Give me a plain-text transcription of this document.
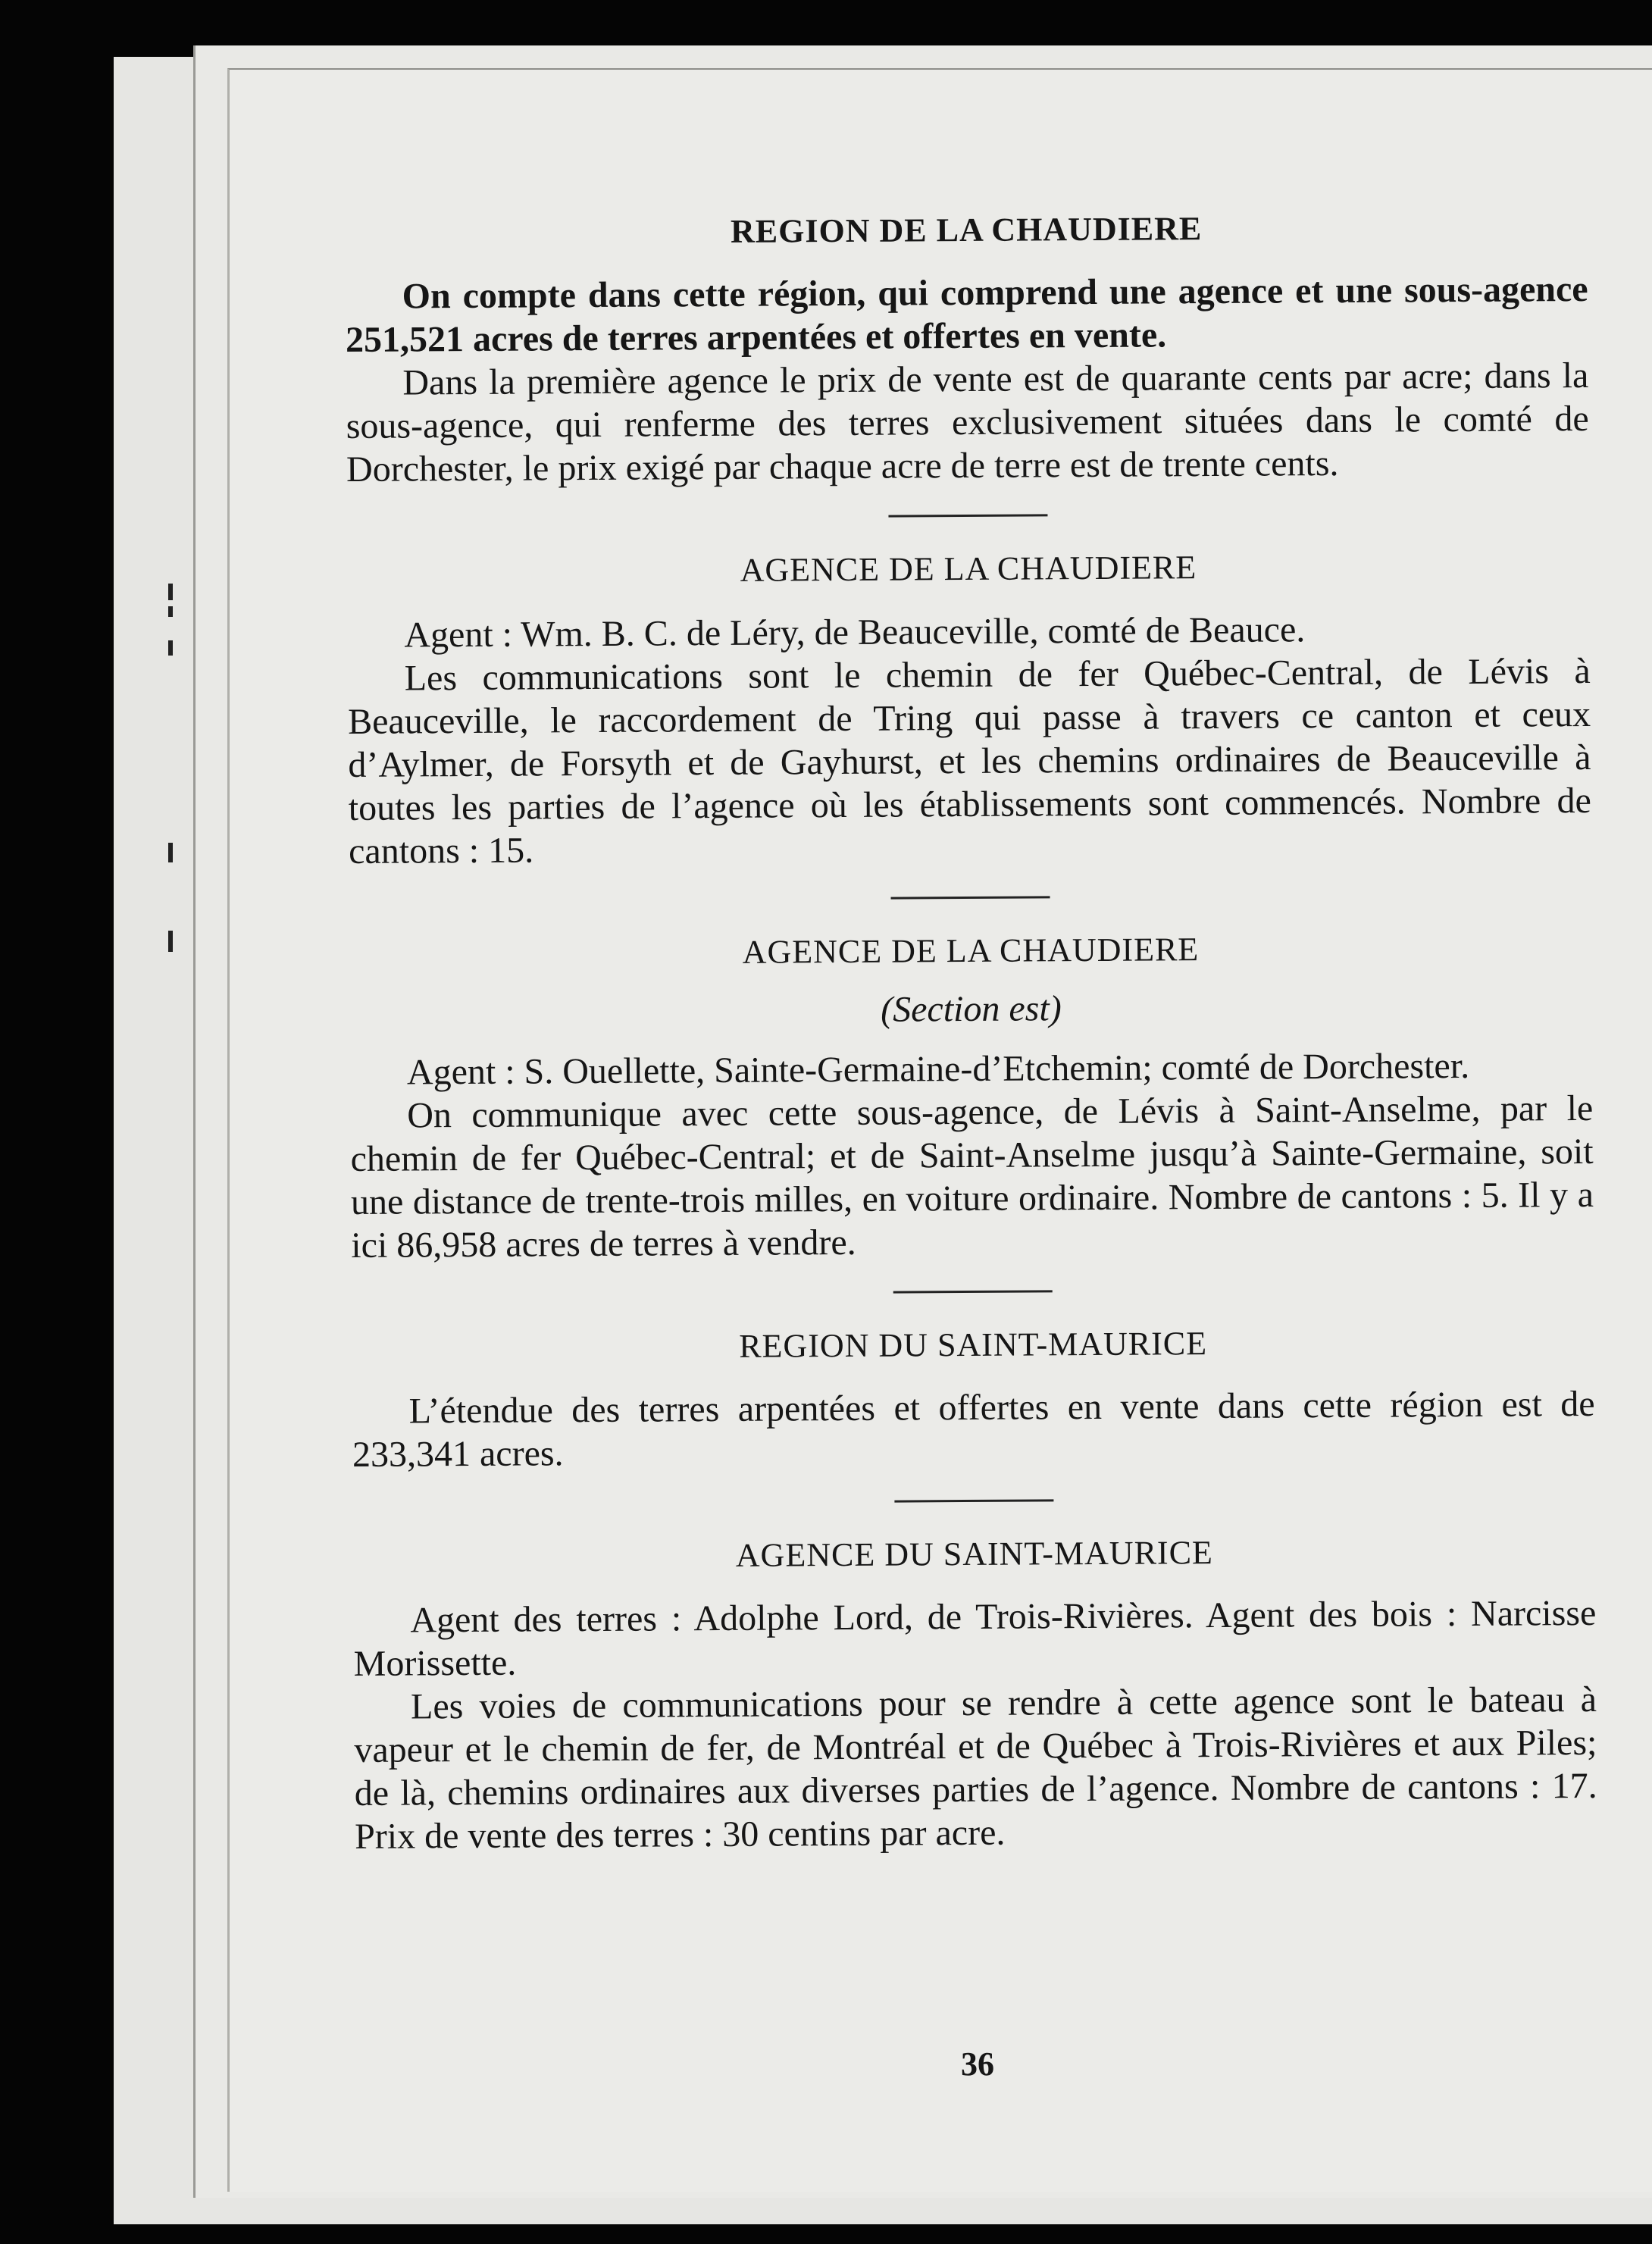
REGION DE LA CHAUDIERE

On compte dans cette région, qui comprend une agence et une sous-agence 251,521 acres de terres arpentées et offertes en vente.

Dans la première agence le prix de vente est de quarante cents par acre; dans la sous-agence, qui renferme des terres exclusivement situées dans le comté de Dorchester, le prix exigé par chaque acre de terre est de trente cents.

AGENCE DE LA CHAUDIERE

Agent : Wm. B. C. de Léry, de Beauceville, comté de Beauce.

Les communications sont le chemin de fer Québec-Central, de Lévis à Beauceville, le raccordement de Tring qui passe à travers ce canton et ceux d’Aylmer, de Forsyth et de Gayhurst, et les chemins ordinaires de Beauceville à toutes les parties de l’agence où les établissements sont commencés. Nombre de cantons : 15.

AGENCE DE LA CHAUDIERE
(Section est)

Agent : S. Ouellette, Sainte-Germaine-d’Etchemin; comté de Dorchester.

On communique avec cette sous-agence, de Lévis à Saint-Anselme, par le chemin de fer Québec-Central; et de Saint-Anselme jusqu’à Sainte-Germaine, soit une distance de trente-trois milles, en voiture ordinaire. Nombre de cantons : 5. Il y a ici 86,958 acres de terres à vendre.

REGION DU SAINT-MAURICE

L’étendue des terres arpentées et offertes en vente dans cette région est de 233,341 acres.

AGENCE DU SAINT-MAURICE

Agent des terres : Adolphe Lord, de Trois-Rivières. Agent des bois : Narcisse Morissette.

Les voies de communications pour se rendre à cette agence sont le bateau à vapeur et le chemin de fer, de Montréal et de Québec à Trois-Rivières et aux Piles; de là, chemins ordinaires aux diverses parties de l’agence. Nombre de cantons : 17. Prix de vente des terres : 30 centins par acre.

36
